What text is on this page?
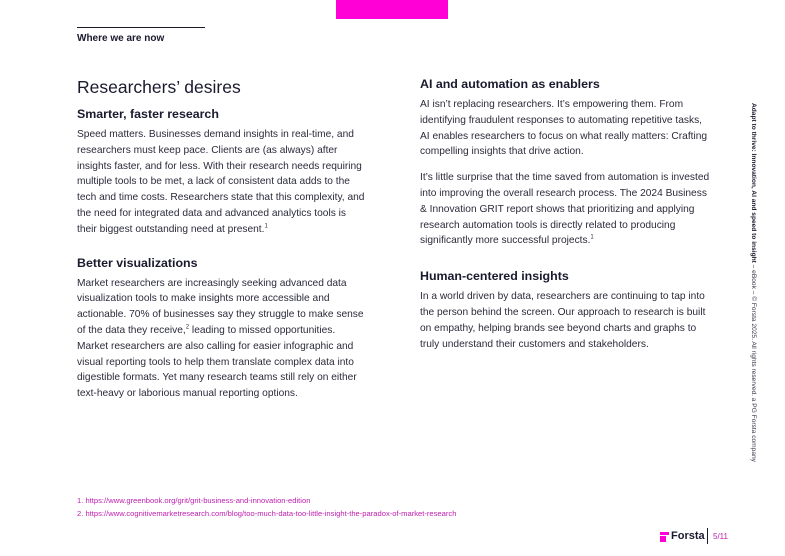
Where we are now
Researchers’ desires
Smarter, faster research

Speed matters. Businesses demand insights in real-time, and researchers must keep pace. Clients are (as always) after insights faster, and for less. With their research needs requiring multiple tools to be met, a lack of consistent data adds to the tech and time costs. Researchers state that this complexity, and the need for integrated data and advanced analytics tools is their biggest outstanding need at present.$^1$

Better visualizations

Market researchers are increasingly seeking advanced data visualization tools to make insights more accessible and actionable. 70% of businesses say they struggle to make sense of the data they receive,$^2$ leading to missed opportunities. Market researchers are also calling for easier infographic and visual reporting tools to help them translate complex data into digestible formats. Yet many research teams still rely on either text-heavy or laborious manual reporting options.

AI and automation as enablers

AI isn’t replacing researchers. It’s empowering them. From identifying fraudulent responses to automating repetitive tasks, AI enables researchers to focus on what really matters: Crafting compelling insights that drive action.

It’s little surprise that the time saved from automation is invested into improving the overall research process. The 2024 Business & Innovation GRIT report shows that prioritizing and applying research automation tools is directly related to producing significantly more successful projects.$^1$

Human-centered insights

In a world driven by data, researchers are continuing to tap into the person behind the screen. Our approach to research is built on empathy, helping brands see beyond charts and graphs to truly understand their customers and stakeholders.

1. https://www.greenbook.org/grit/grit-business-and-innovation-edition
2. https://www.cognitivemarketresearch.com/blog/too-much-data-too-little-insight-the-paradox-of-market-research
Adapt to thrive: Innovation, AI and speed to insight – eBook – © Forsta 2025. All rights reserved. a PG Forsta company
Forsta 5/11
